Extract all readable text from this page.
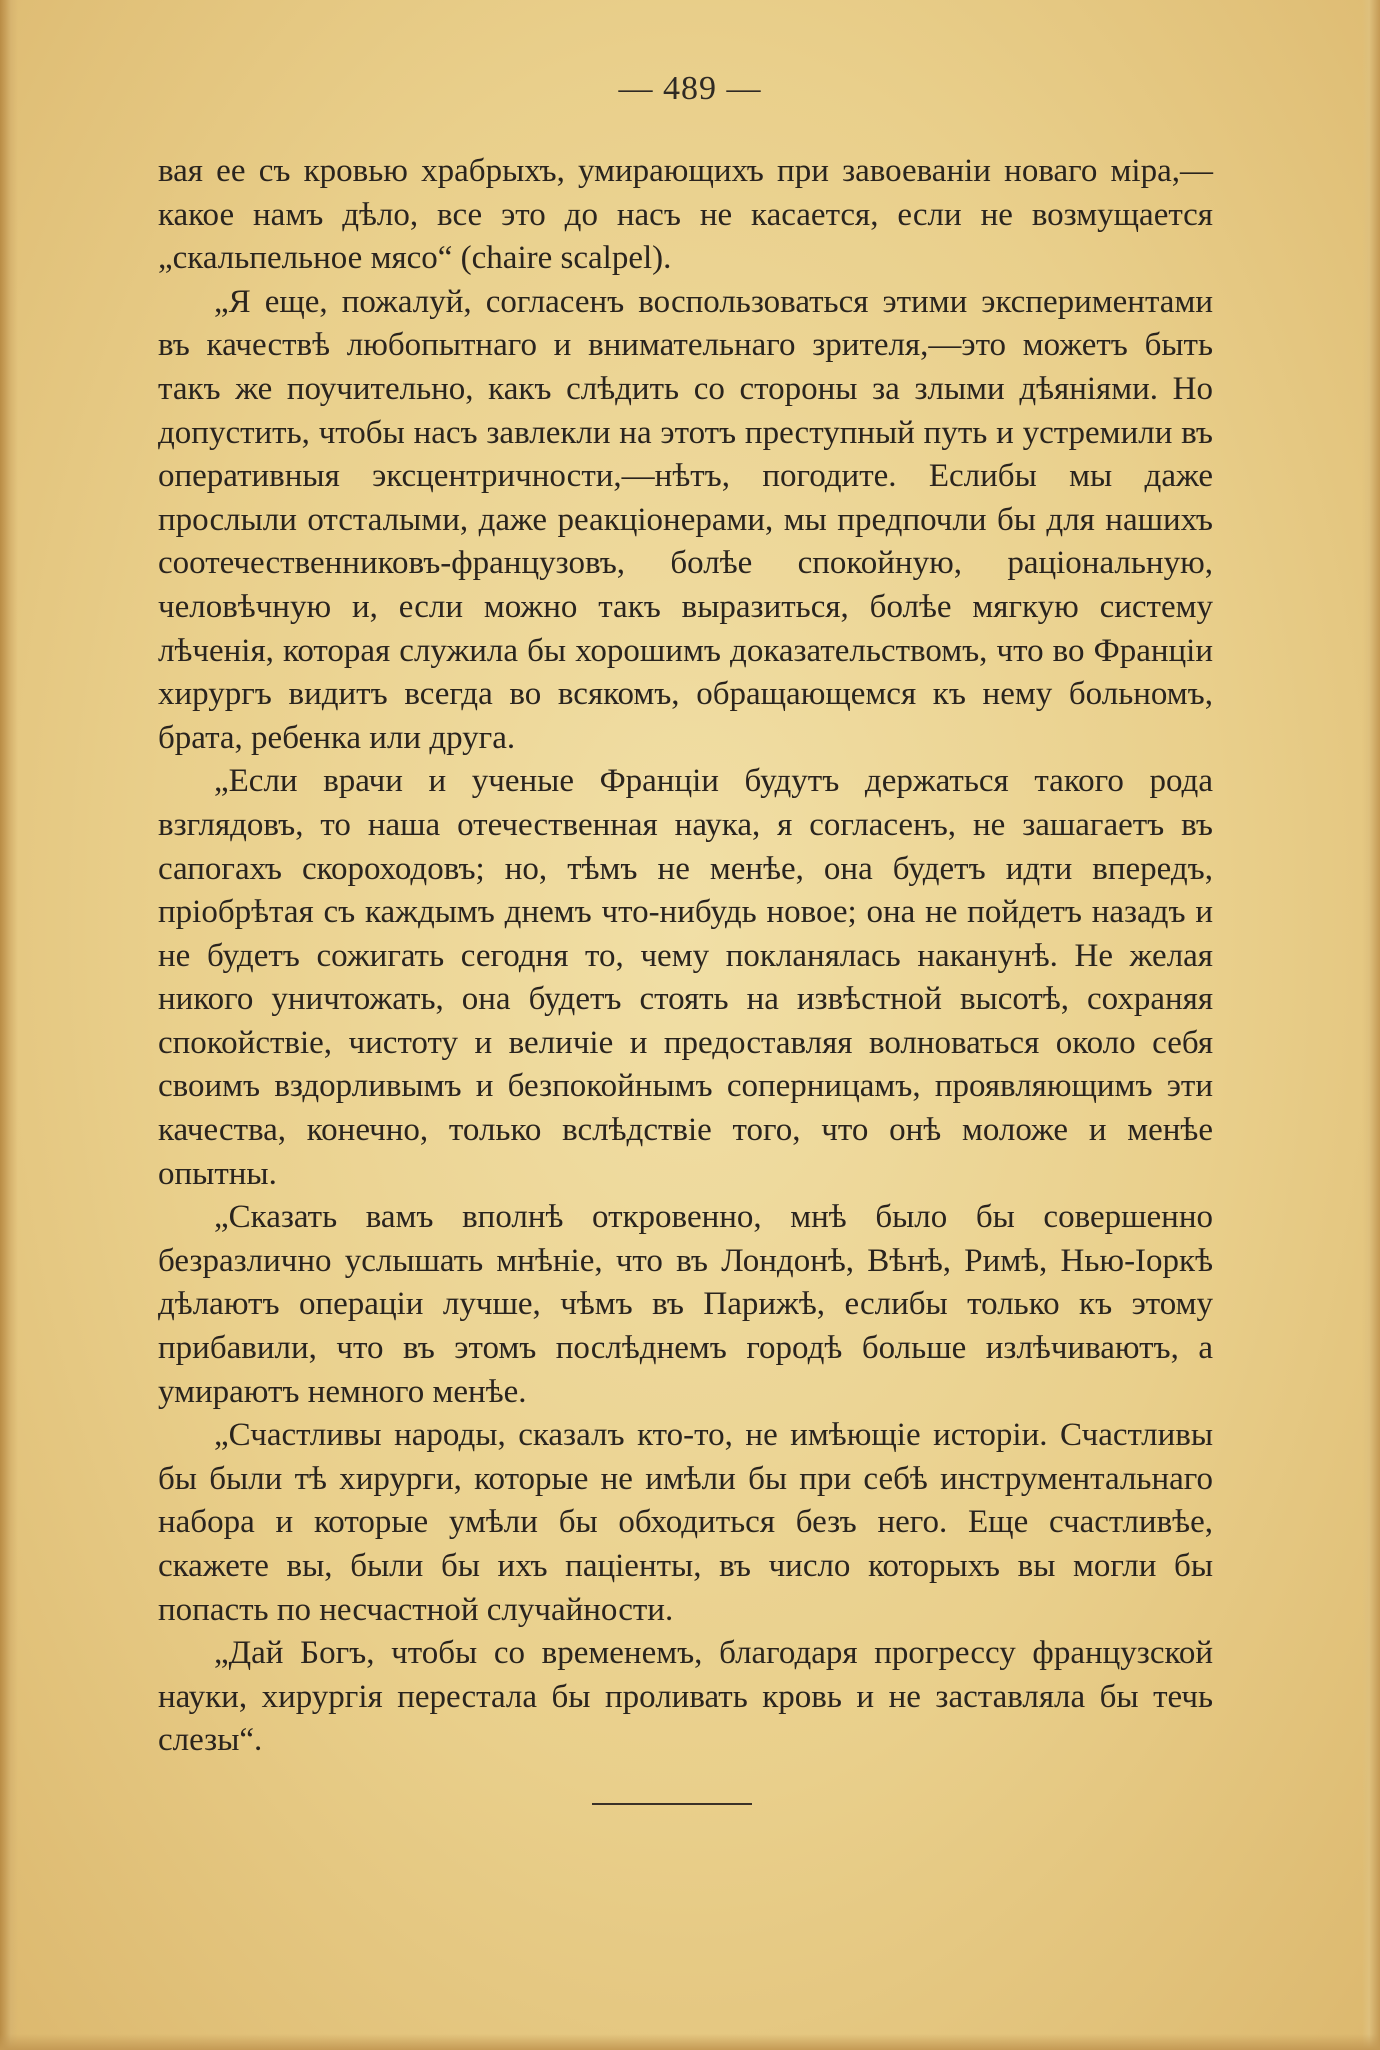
— 489 —

вая ее съ кровью храбрыхъ, умирающихъ при завоеванiи новаго мiра,—какое намъ дѣло, все это до насъ не касается, если не возмущается „скальпельное мясо“ (chaire scalpel).

„Я еще, пожалуй, согласенъ воспользоваться этими экспериментами въ качествѣ любопытнаго и внимательнаго зрителя,—это можетъ быть такъ же поучительно, какъ слѣдить со стороны за злыми дѣянiями. Но допустить, чтобы насъ завлекли на этотъ преступный путь и устремили въ оперативныя эксцентричности,—нѣтъ, погодите. Еслибы мы даже прослыли отсталыми, даже реакцiонерами, мы предпочли бы для нашихъ соотечественниковъ-французовъ, болѣе спокойную, рацiональную, человѣчную и, если можно такъ выразиться, болѣе мягкую систему лѣченiя, которая служила бы хорошимъ доказательствомъ, что во Францiи хирургъ видитъ всегда во всякомъ, обращающемся къ нему больномъ, брата, ребенка или друга.

„Если врачи и ученые Францiи будутъ держаться такого рода взглядовъ, то наша отечественная наука, я согласенъ, не зашагаетъ въ сапогахъ скороходовъ; но, тѣмъ не менѣе, она будетъ идти впередъ, прiобрѣтая съ каждымъ днемъ что-нибудь новое; она не пойдетъ назадъ и не будетъ сожигать сегодня то, чему покланялась наканунѣ. Не желая никого уничтожать, она будетъ стоять на извѣстной высотѣ, сохраняя спокойствiе, чистоту и величiе и предоставляя волноваться около себя своимъ вздорливымъ и безпокойнымъ соперницамъ, проявляющимъ эти качества, конечно, только вслѣдствiе того, что онѣ моложе и менѣе опытны.

„Сказать вамъ вполнѣ откровенно, мнѣ было бы совершенно безразлично услышать мнѣнiе, что въ Лондонѣ, Вѣнѣ, Римѣ, Нью-Iоркѣ дѣлаютъ операцiи лучше, чѣмъ въ Парижѣ, еслибы только къ этому прибавили, что въ этомъ послѣднемъ городѣ больше излѣчиваютъ, а умираютъ немного менѣе.

„Счастливы народы, сказалъ кто-то, не имѣющiе исторiи. Счастливы бы были тѣ хирурги, которые не имѣли бы при себѣ инструментальнаго набора и которые умѣли бы обходиться безъ него. Еще счастливѣе, скажете вы, были бы ихъ пацiенты, въ число которыхъ вы могли бы попасть по несчастной случайности.

„Дай Богъ, чтобы со временемъ, благодаря прогрессу французской науки, хирургiя перестала бы проливать кровь и не заставляла бы течь слезы“.
